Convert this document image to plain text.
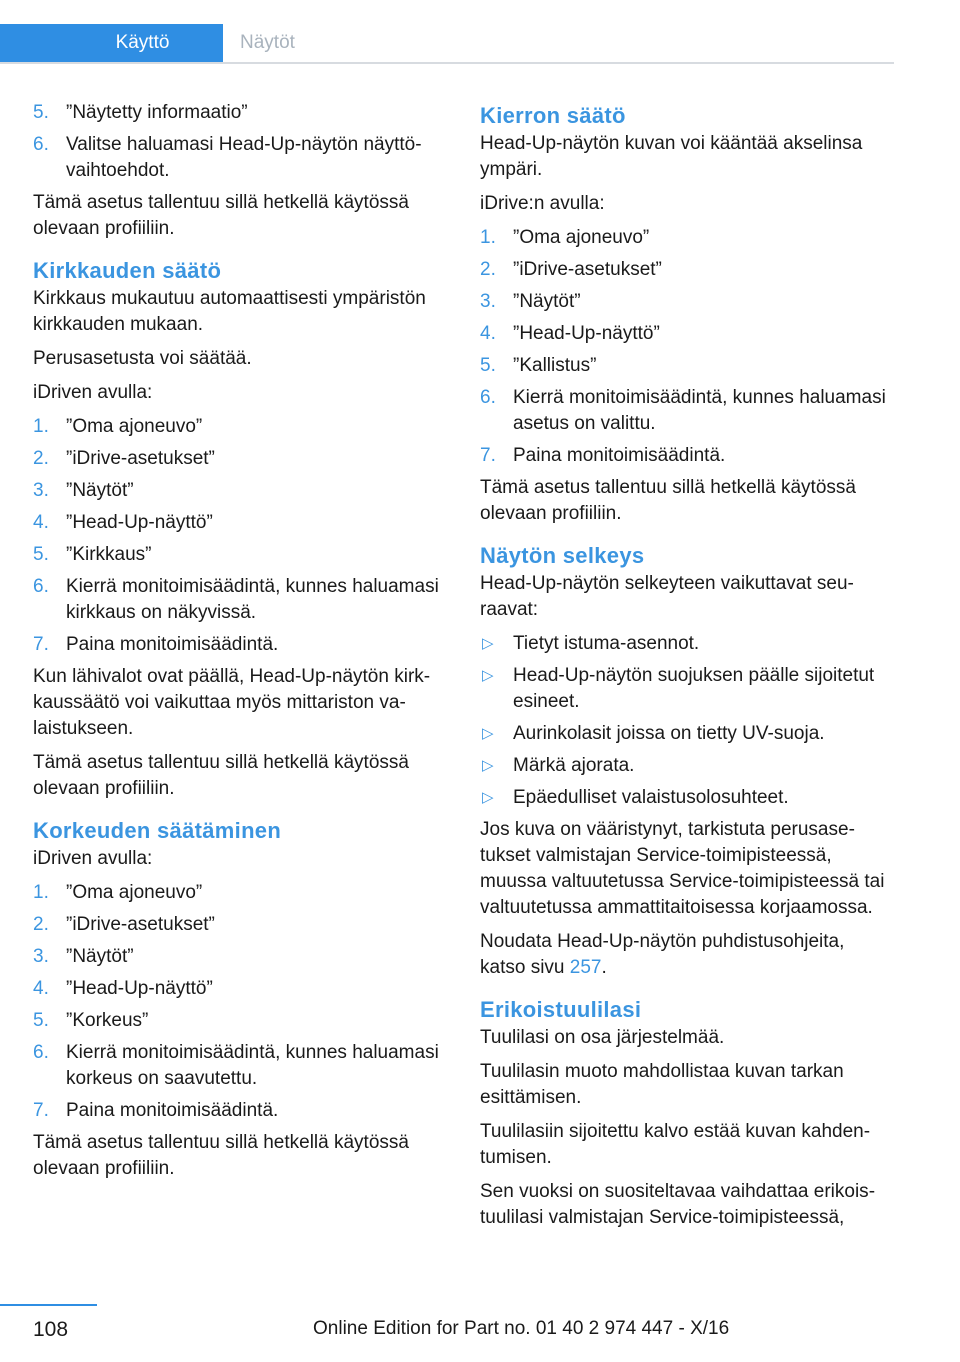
Käyttö	Näytöt
5. ”Näytetty informaatio”
6. Valitse haluamasi Head-Up-näytön näyttövaihtoehdot.

Tämä asetus tallentuu sillä hetkellä käytössä olevaan profiiliin.

Kirkkauden säätö

Kirkkaus mukautuu automaattisesti ympäristön kirkkauden mukaan.

Perusasetusta voi säätää.

iDriven avulla:

1. ”Oma ajoneuvo”
2. ”iDrive-asetukset”
3. ”Näytöt”
4. ”Head-Up-näyttö”
5. ”Kirkkaus”
6. Kierrä monitoimisäädintä, kunnes haluamasi kirkkaus on näkyvissä.
7. Paina monitoimisäädintä.

Kun lähivalot ovat päällä, Head-Up-näytön kirkkaussäätö voi vaikuttaa myös mittariston valaistukseen.

Tämä asetus tallentuu sillä hetkellä käytössä olevaan profiiliin.

Korkeuden säätäminen

iDriven avulla:

1. ”Oma ajoneuvo”
2. ”iDrive-asetukset”
3. ”Näytöt”
4. ”Head-Up-näyttö”
5. ”Korkeus”
6. Kierrä monitoimisäädintä, kunnes haluamasi korkeus on saavutettu.
7. Paina monitoimisäädintä.

Tämä asetus tallentuu sillä hetkellä käytössä olevaan profiiliin.

Kierron säätö

Head-Up-näytön kuvan voi kääntää akselinsa ympäri.

iDrive:n avulla:

1. ”Oma ajoneuvo”
2. ”iDrive-asetukset”
3. ”Näytöt”
4. ”Head-Up-näyttö”
5. ”Kallistus”
6. Kierrä monitoimisäädintä, kunnes haluamasi asetus on valittu.
7. Paina monitoimisäädintä.

Tämä asetus tallentuu sillä hetkellä käytössä olevaan profiiliin.

Näytön selkeys

Head-Up-näytön selkeyteen vaikuttavat seuraavat:

▷ Tietyt istuma-asennot.
▷ Head-Up-näytön suojuksen päälle sijoitetut esineet.
▷ Aurinkolasit joissa on tietty UV-suoja.
▷ Märkä ajorata.
▷ Epäedulliset valaistusolosuhteet.

Jos kuva on vääristynyt, tarkistuta perusasetukset valmistajan Service-toimipisteessä, muussa valtuutetussa Service-toimipisteessä tai valtuutetussa ammattitaitoisessa korjaamossa.

Noudata Head-Up-näytön puhdistusohjeita, katso sivu 257.

Erikoistuulilasi

Tuulilasi on osa järjestelmää.

Tuulilasin muoto mahdollistaa kuvan tarkan esittämisen.

Tuulilasiin sijoitettu kalvo estää kuvan kahdentumisen.

Sen vuoksi on suositeltavaa vaihdattaa erikoistuulilasi valmistajan Service-toimipisteessä,

108	Online Edition for Part no. 01 40 2 974 447 - X/16
